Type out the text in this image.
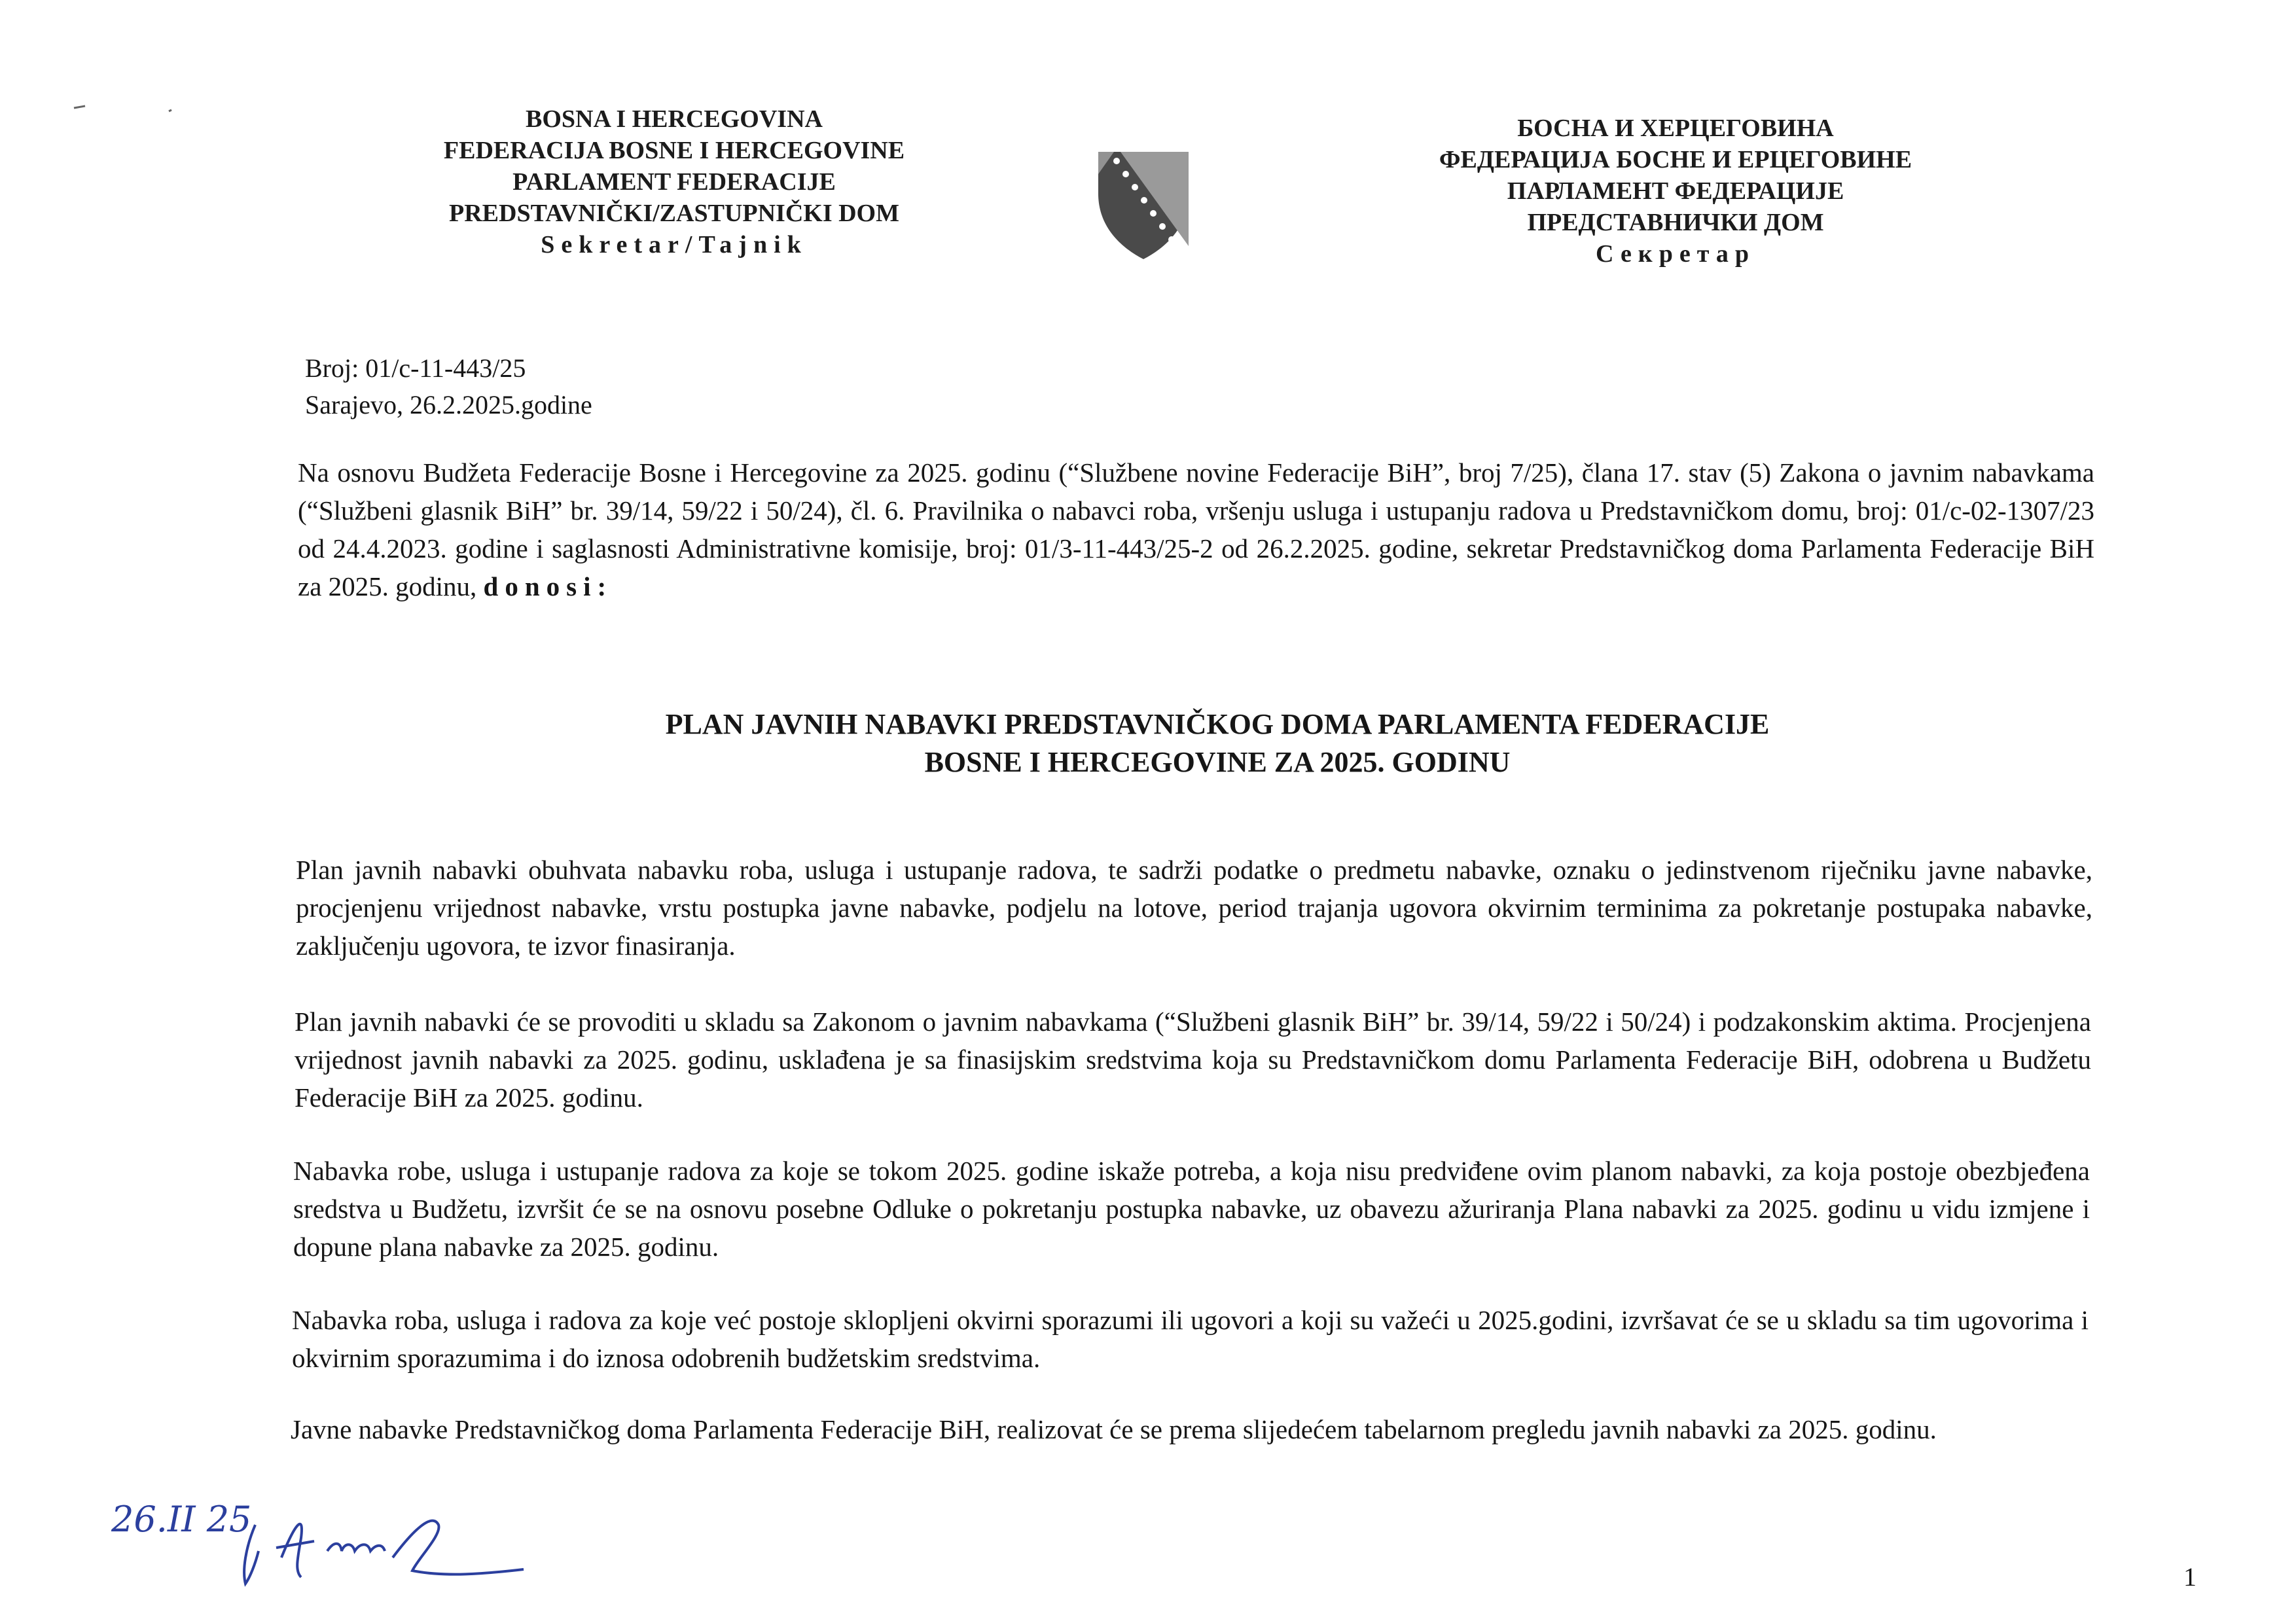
BOSNA I HERCEGOVINA
FEDERACIJA BOSNE I HERCEGOVINE
PARLAMENT FEDERACIJE
PREDSTAVNIČKI/ZASTUPNIČKI DOM
Sekretar/Tajnik
БОСНА И ХЕРЦЕГОВИНА
ФЕДЕРАЦИЈА БОСНЕ И ЕРЦЕГОВИНЕ
ПАРЛАМЕНТ ФЕДЕРАЦИЈЕ
ПРЕДСТАВНИЧКИ ДОМ
Секретар
Broj: 01/c-11-443/25
Sarajevo, 26.2.2025.godine
Na osnovu Budžeta Federacije Bosne i Hercegovine za 2025. godinu (“Službene novine Federacije BiH”, broj 7/25), člana 17. stav (5) Zakona o javnim nabavkama (“Službeni glasnik BiH” br. 39/14, 59/22 i 50/24), čl. 6. Pravilnika o nabavci roba, vršenju usluga i ustupanju radova u Predstavničkom domu, broj: 01/c-02-1307/23 od 24.4.2023. godine i saglasnosti Administrativne komisije, broj: 01/3-11-443/25-2 od 26.2.2025. godine, sekretar Predstavničkog doma Parlamenta Federacije BiH za 2025. godinu, donosi:
PLAN JAVNIH NABAVKI PREDSTAVNIČKOG DOMA PARLAMENTA FEDERACIJE
BOSNE I HERCEGOVINE ZA 2025. GODINU
Plan javnih nabavki obuhvata nabavku roba, usluga i ustupanje radova, te sadrži podatke o predmetu nabavke, oznaku o jedinstvenom riječniku javne nabavke, procjenjenu vrijednost nabavke, vrstu postupka javne nabavke, podjelu na lotove, period trajanja ugovora okvirnim terminima za pokretanje postupaka nabavke, zaključenju ugovora, te izvor finasiranja.
Plan javnih nabavki će se provoditi u skladu sa Zakonom o javnim nabavkama (“Službeni glasnik BiH” br. 39/14, 59/22 i 50/24) i podzakonskim aktima. Procjenjena vrijednost javnih nabavki za 2025. godinu, usklađena je sa finasijskim sredstvima koja su Predstavničkom domu Parlamenta Federacije BiH, odobrena u Budžetu Federacije BiH za 2025. godinu.
Nabavka robe, usluga i ustupanje radova za koje se tokom 2025. godine iskaže potreba, a koja nisu predviđene ovim planom nabavki, za koja postoje obezbjeđena sredstva u Budžetu, izvršit će se na osnovu posebne Odluke o pokretanju postupka nabavke, uz obavezu ažuriranja Plana nabavki za 2025. godinu u vidu izmjene i dopune plana nabavke za 2025. godinu.
Nabavka roba, usluga i radova za koje već postoje sklopljeni okvirni sporazumi ili ugovori a koji su važeći u 2025.godini, izvršavat će se u skladu sa tim ugovorima i okvirnim sporazumima i do iznosa odobrenih budžetskim sredstvima.
Javne nabavke Predstavničkog doma Parlamenta Federacije BiH, realizovat će se prema slijedećem tabelarnom pregledu javnih nabavki za 2025. godinu.
26.II 25
1
